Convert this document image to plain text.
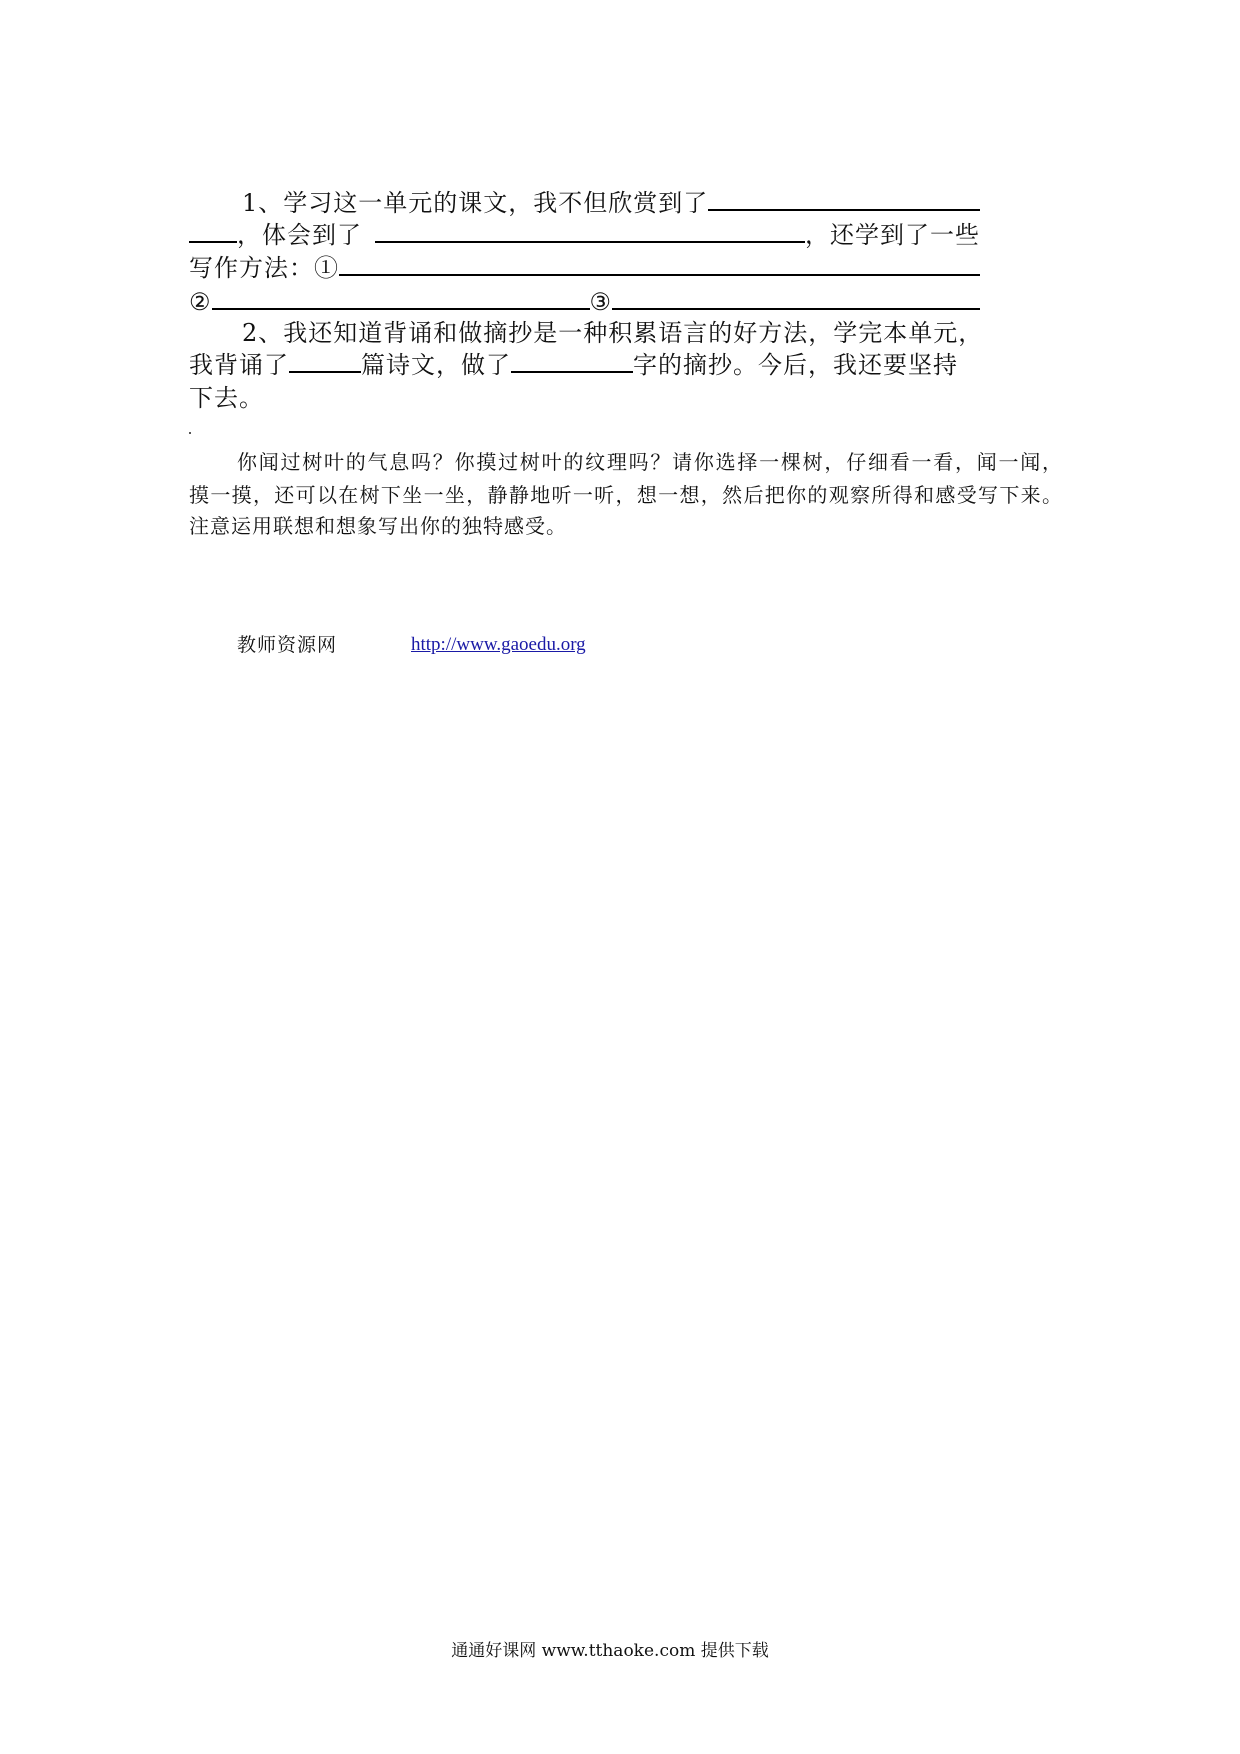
1、学习这一单元的课文，我不但欣赏到了
，体会到了	，还学到了一些
写作方法：①
②	③
2、我还知道背诵和做摘抄是一种积累语言的好方法，学完本单元，
我背诵了	篇诗文，做了	字的摘抄。今后，我还要坚持
下去。
你闻过树叶的气息吗？你摸过树叶的纹理吗？请你选择一棵树，仔细看一看，闻一闻，
摸一摸，还可以在树下坐一坐，静静地听一听，想一想，然后把你的观察所得和感受写下来。
注意运用联想和想象写出你的独特感受。
教师资源网	http://www.gaoedu.org
通通好课网 www.tthaoke.com 提供下载
